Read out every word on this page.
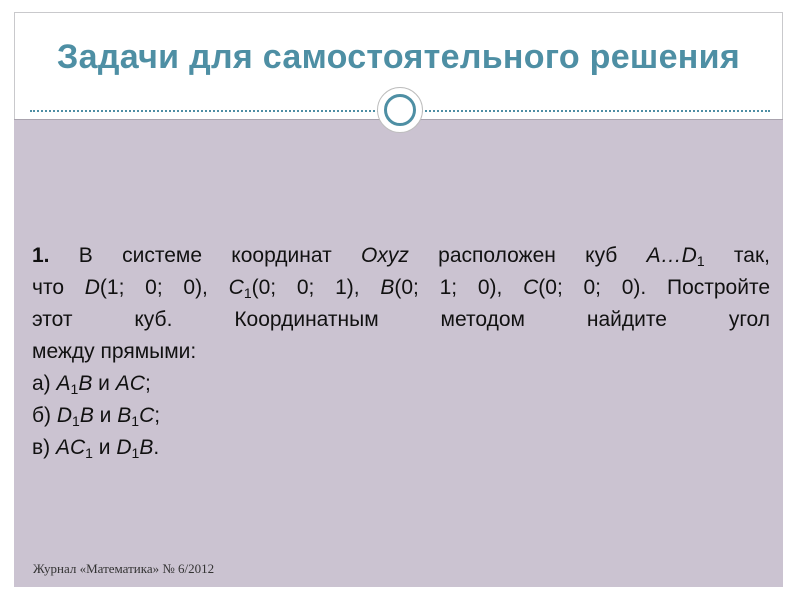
Задачи для самостоятельного решения

1. В системе координат Oxyz расположен куб $A\dots D_1$ так,

что D(1; 0; 0), $C_1(0$; 0; 1), B(0; 1; 0), C(0; 0; 0). Постройте

этот куб. Координатным методом найдите угол

между прямыми:

а) $A_1B$ и AC;

б) $D_1B$ и $B_1C$;

в) $AC_1$ и $D_1B$.

Журнал «Математика» № 6/2012
